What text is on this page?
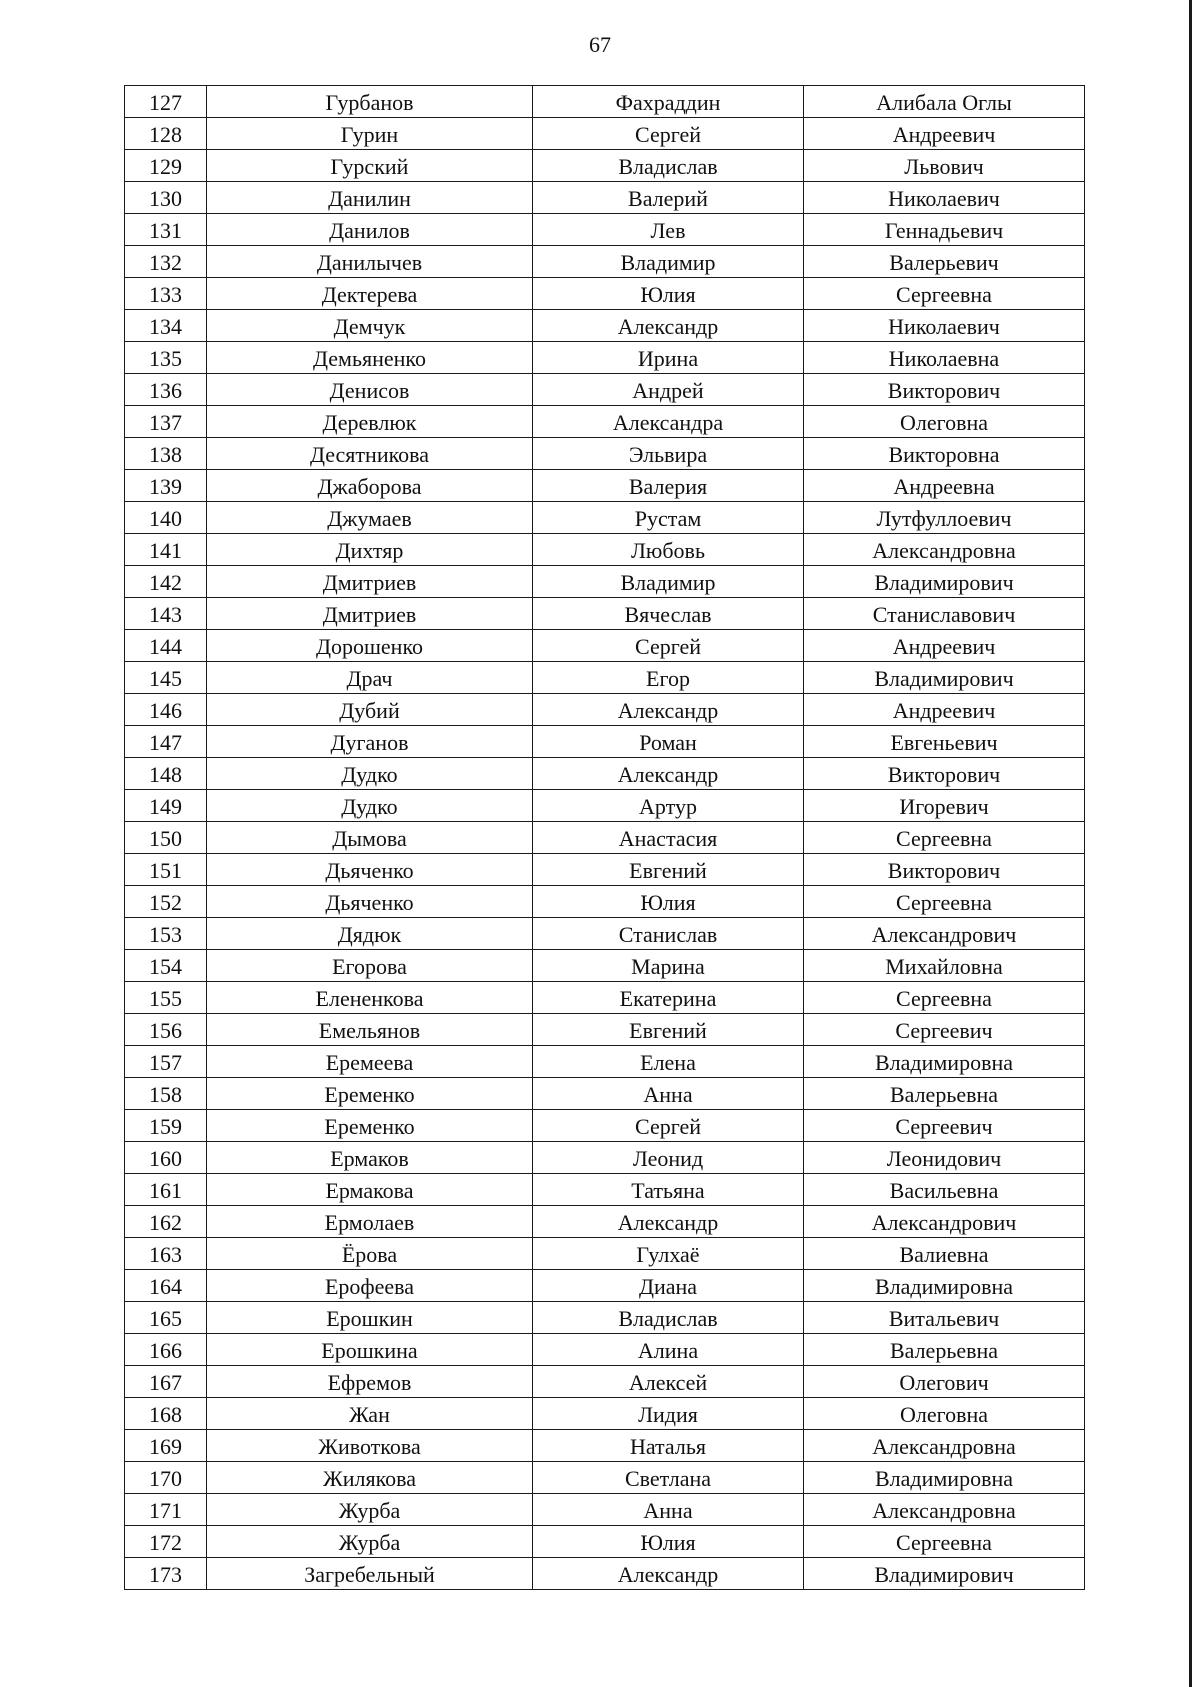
67
127	Гурбанов	Фахраддин	Алибала Оглы
128	Гурин	Сергей	Андреевич
129	Гурский	Владислав	Львович
130	Данилин	Валерий	Николаевич
131	Данилов	Лев	Геннадьевич
132	Данилычев	Владимир	Валерьевич
133	Дектерева	Юлия	Сергеевна
134	Демчук	Александр	Николаевич
135	Демьяненко	Ирина	Николаевна
136	Денисов	Андрей	Викторович
137	Деревлюк	Александра	Олеговна
138	Десятникова	Эльвира	Викторовна
139	Джаборова	Валерия	Андреевна
140	Джумаев	Рустам	Лутфуллоевич
141	Дихтяр	Любовь	Александровна
142	Дмитриев	Владимир	Владимирович
143	Дмитриев	Вячеслав	Станиславович
144	Дорошенко	Сергей	Андреевич
145	Драч	Егор	Владимирович
146	Дубий	Александр	Андреевич
147	Дуганов	Роман	Евгеньевич
148	Дудко	Александр	Викторович
149	Дудко	Артур	Игоревич
150	Дымова	Анастасия	Сергеевна
151	Дьяченко	Евгений	Викторович
152	Дьяченко	Юлия	Сергеевна
153	Дядюк	Станислав	Александрович
154	Егорова	Марина	Михайловна
155	Елененкова	Екатерина	Сергеевна
156	Емельянов	Евгений	Сергеевич
157	Еремеева	Елена	Владимировна
158	Еременко	Анна	Валерьевна
159	Еременко	Сергей	Сергеевич
160	Ермаков	Леонид	Леонидович
161	Ермакова	Татьяна	Васильевна
162	Ермолаев	Александр	Александрович
163	Ёрова	Гулхаё	Валиевна
164	Ерофеева	Диана	Владимировна
165	Ерошкин	Владислав	Витальевич
166	Ерошкина	Алина	Валерьевна
167	Ефремов	Алексей	Олегович
168	Жан	Лидия	Олеговна
169	Животкова	Наталья	Александровна
170	Жилякова	Светлана	Владимировна
171	Журба	Анна	Александровна
172	Журба	Юлия	Сергеевна
173	Загребельный	Александр	Владимирович
